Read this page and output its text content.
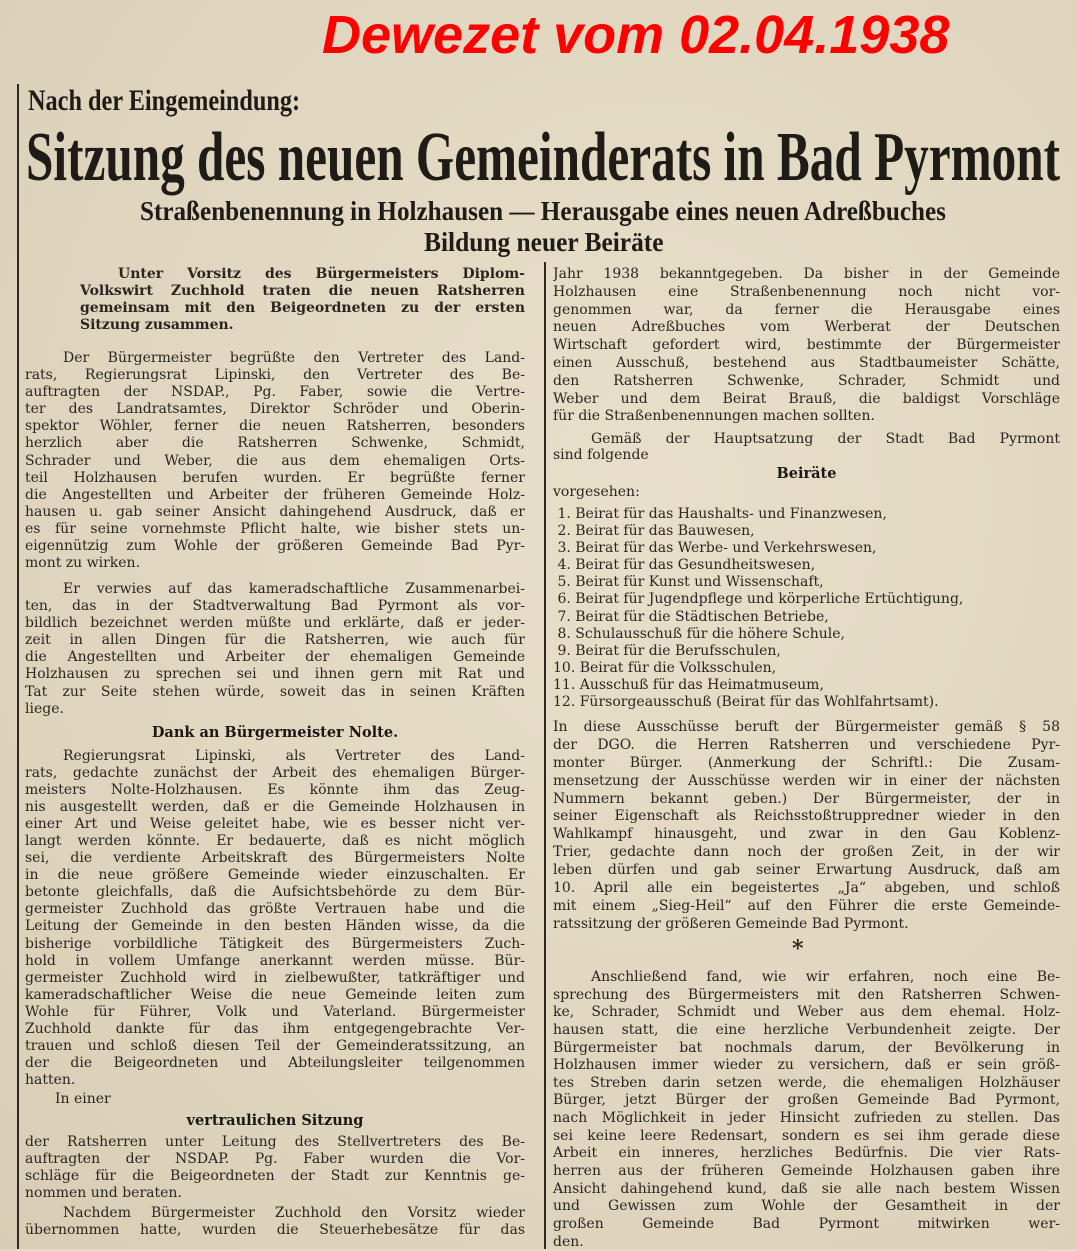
Dewezet vom 02.04.1938
Nach der Eingemeindung:
Sitzung des neuen Gemeinderats in Bad Pyrmont
Straßenbenennung in Holzhausen — Herausgabe eines neuen Adreßbuches
Bildung neuer Beiräte
Unter Vorsitz des Bürgermeisters Diplom-
Volkswirt Zuchhold traten die neuen Ratsherren
gemeinsam mit den Beigeordneten zu der ersten
Sitzung zusammen.
Der Bürgermeister begrüßte den Vertreter des Land-
rats, Regierungsrat Lipinski, den Vertreter des Be-
auftragten der NSDAP., Pg. Faber, sowie die Vertre-
ter des Landratsamtes, Direktor Schröder und Oberin-
spektor Wöhler, ferner die neuen Ratsherren, besonders
herzlich aber die Ratsherren Schwenke, Schmidt,
Schrader und Weber, die aus dem ehemaligen Orts-
teil Holzhausen berufen wurden. Er begrüßte ferner
die Angestellten und Arbeiter der früheren Gemeinde Holz-
hausen u. gab seiner Ansicht dahingehend Ausdruck, daß er
es für seine vornehmste Pflicht halte, wie bisher stets un-
eigennützig zum Wohle der größeren Gemeinde Bad Pyr-
mont zu wirken.
Er verwies auf das kameradschaftliche Zusammenarbei-
ten, das in der Stadtverwaltung Bad Pyrmont als vor-
bildlich bezeichnet werden müßte und erklärte, daß er jeder-
zeit in allen Dingen für die Ratsherren, wie auch für
die Angestellten und Arbeiter der ehemaligen Gemeinde
Holzhausen zu sprechen sei und ihnen gern mit Rat und
Tat zur Seite stehen würde, soweit das in seinen Kräften
liege.
Dank an Bürgermeister Nolte.
Regierungsrat Lipinski, als Vertreter des Land-
rats, gedachte zunächst der Arbeit des ehemaligen Bürger-
meisters Nolte-Holzhausen. Es könnte ihm das Zeug-
nis ausgestellt werden, daß er die Gemeinde Holzhausen in
einer Art und Weise geleitet habe, wie es besser nicht ver-
langt werden könnte. Er bedauerte, daß es nicht möglich
sei, die verdiente Arbeitskraft des Bürgermeisters Nolte
in die neue größere Gemeinde wieder einzuschalten. Er
betonte gleichfalls, daß die Aufsichtsbehörde zu dem Bür-
germeister Zuchhold das größte Vertrauen habe und die
Leitung der Gemeinde in den besten Händen wisse, da die
bisherige vorbildliche Tätigkeit des Bürgermeisters Zuch-
hold in vollem Umfange anerkannt werden müsse. Bür-
germeister Zuchhold wird in zielbewußter, tatkräftiger und
kameradschaftlicher Weise die neue Gemeinde leiten zum
Wohle für Führer, Volk und Vaterland. Bürgermeister
Zuchhold dankte für das ihm entgegengebrachte Ver-
trauen und schloß diesen Teil der Gemeinderatssitzung, an
der die Beigeordneten und Abteilungsleiter teilgenommen
hatten.
In einer
vertraulichen Sitzung
der Ratsherren unter Leitung des Stellvertreters des Be-
auftragten der NSDAP. Pg. Faber wurden die Vor-
schläge für die Beigeordneten der Stadt zur Kenntnis ge-
nommen und beraten.
Nachdem Bürgermeister Zuchhold den Vorsitz wieder
übernommen hatte, wurden die Steuerhebesätze für das
Jahr 1938 bekanntgegeben. Da bisher in der Gemeinde
Holzhausen eine Straßenbenennung noch nicht vor-
genommen war, da ferner die Herausgabe eines
neuen Adreßbuches vom Werberat der Deutschen
Wirtschaft gefordert wird, bestimmte der Bürgermeister
einen Ausschuß, bestehend aus Stadtbaumeister Schätte,
den Ratsherren Schwenke, Schrader, Schmidt und
Weber und dem Beirat Brauß, die baldigst Vorschläge
für die Straßenbenennungen machen sollten.
Gemäß der Hauptsatzung der Stadt Bad Pyrmont
sind folgende
Beiräte
vorgesehen:
1. Beirat für das Haushalts- und Finanzwesen,
2. Beirat für das Bauwesen,
3. Beirat für das Werbe- und Verkehrswesen,
4. Beirat für das Gesundheitswesen,
5. Beirat für Kunst und Wissenschaft,
6. Beirat für Jugendpflege und körperliche Ertüchtigung,
7. Beirat für die Städtischen Betriebe,
8. Schulausschuß für die höhere Schule,
9. Beirat für die Berufsschulen,
10. Beirat für die Volksschulen,
11. Ausschuß für das Heimatmuseum,
12. Fürsorgeausschuß (Beirat für das Wohlfahrtsamt).
In diese Ausschüsse beruft der Bürgermeister gemäß § 58
der DGO. die Herren Ratsherren und verschiedene Pyr-
monter Bürger. (Anmerkung der Schriftl.: Die Zusam-
mensetzung der Ausschüsse werden wir in einer der nächsten
Nummern bekannt geben.) Der Bürgermeister, der in
seiner Eigenschaft als Reichsstoßtruppredner wieder in den
Wahlkampf hinausgeht, und zwar in den Gau Koblenz-
Trier, gedachte dann noch der großen Zeit, in der wir
leben dürfen und gab seiner Erwartung Ausdruck, daß am
10. April alle ein begeistertes „Ja“ abgeben, und schloß
mit einem „Sieg-Heil“ auf den Führer die erste Gemeinde-
ratssitzung der größeren Gemeinde Bad Pyrmont.
*
Anschließend fand, wie wir erfahren, noch eine Be-
sprechung des Bürgermeisters mit den Ratsherren Schwen-
ke, Schrader, Schmidt und Weber aus dem ehemal. Holz-
hausen statt, die eine herzliche Verbundenheit zeigte. Der
Bürgermeister bat nochmals darum, der Bevölkerung in
Holzhausen immer wieder zu versichern, daß er sein größ-
tes Streben darin setzen werde, die ehemaligen Holzhäuser
Bürger, jetzt Bürger der großen Gemeinde Bad Pyrmont,
nach Möglichkeit in jeder Hinsicht zufrieden zu stellen. Das
sei keine leere Redensart, sondern es sei ihm gerade diese
Arbeit ein inneres, herzliches Bedürfnis. Die vier Rats-
herren aus der früheren Gemeinde Holzhausen gaben ihre
Ansicht dahingehend kund, daß sie alle nach bestem Wissen
und Gewissen zum Wohle der Gesamtheit in der
großen Gemeinde Bad Pyrmont mitwirken wer-
den.
